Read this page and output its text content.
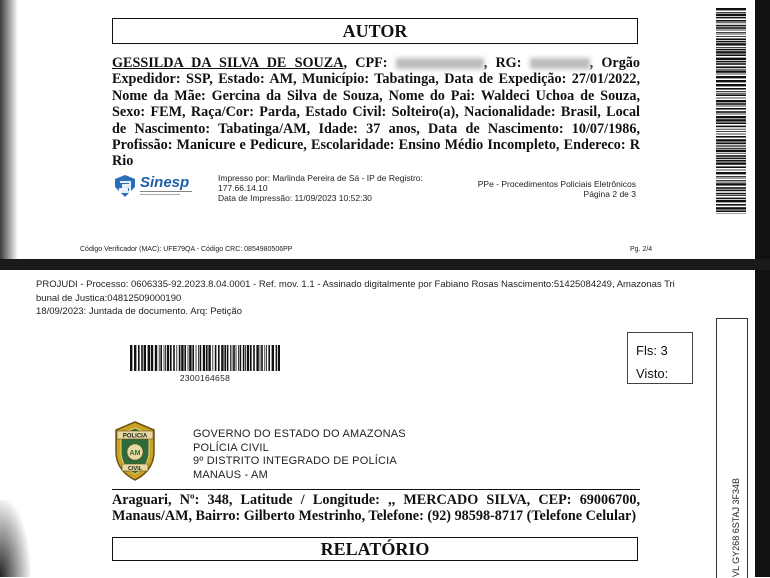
AUTOR
GESSILDA DA SILVA DE SOUZA, CPF:	, RG:	, Orgão Expedidor: SSP, Estado: AM, Município: Tabatinga, Data de Expedição: 27/01/2022, Nome da Mãe: Gercina da Silva de Souza, Nome do Pai: Waldeci Uchoa de Souza, Sexo: FEM, Raça/Cor: Parda, Estado Civil: Solteiro(a), Nacionalidade: Brasil, Local de Nascimento: Tabatinga/AM, Idade: 37 anos, Data de Nascimento: 10/07/1986, Profissão: Manicure e Pedicure, Escolaridade: Ensino Médio Incompleto, Endereco: R Rio
Sinesp	Impresso por: Marlinda Pereira de Sá - IP de Registro:
177.66.14.10
Data de Impressão: 11/09/2023 10:52:30
PPe - Procedimentos Policiais Eletrônicos
Página 2 de 3
Código Verificador (MAC): UFE79QA - Código CRC: 0854980506PP	Pg. 2/4
PROJUDI - Processo: 0606335-92.2023.8.04.0001 - Ref. mov. 1.1 - Assinado digitalmente por Fabiano Rosas Nascimento:51425084249, Amazonas Tri
bunal de Justica:04812509000190
18/09/2023: Juntada de documento. Arq: Petição
2300164658
Fls: 3
Visto:
POLICIA
AM
CIVIL
GOVERNO DO ESTADO DO AMAZONAS
POLÍCIA CIVIL
9º DISTRITO INTEGRADO DE POLÍCIA
MANAUS - AM
Araguari, Nº: 348, Latitude / Longitude: ,, MERCADO SILVA, CEP: 69006700, Manaus/AM, Bairro: Gilberto Mestrinho, Telefone: (92) 98598-8717 (Telefone Celular)
RELATÓRIO	VL GY268 6STAJ 3F34B
